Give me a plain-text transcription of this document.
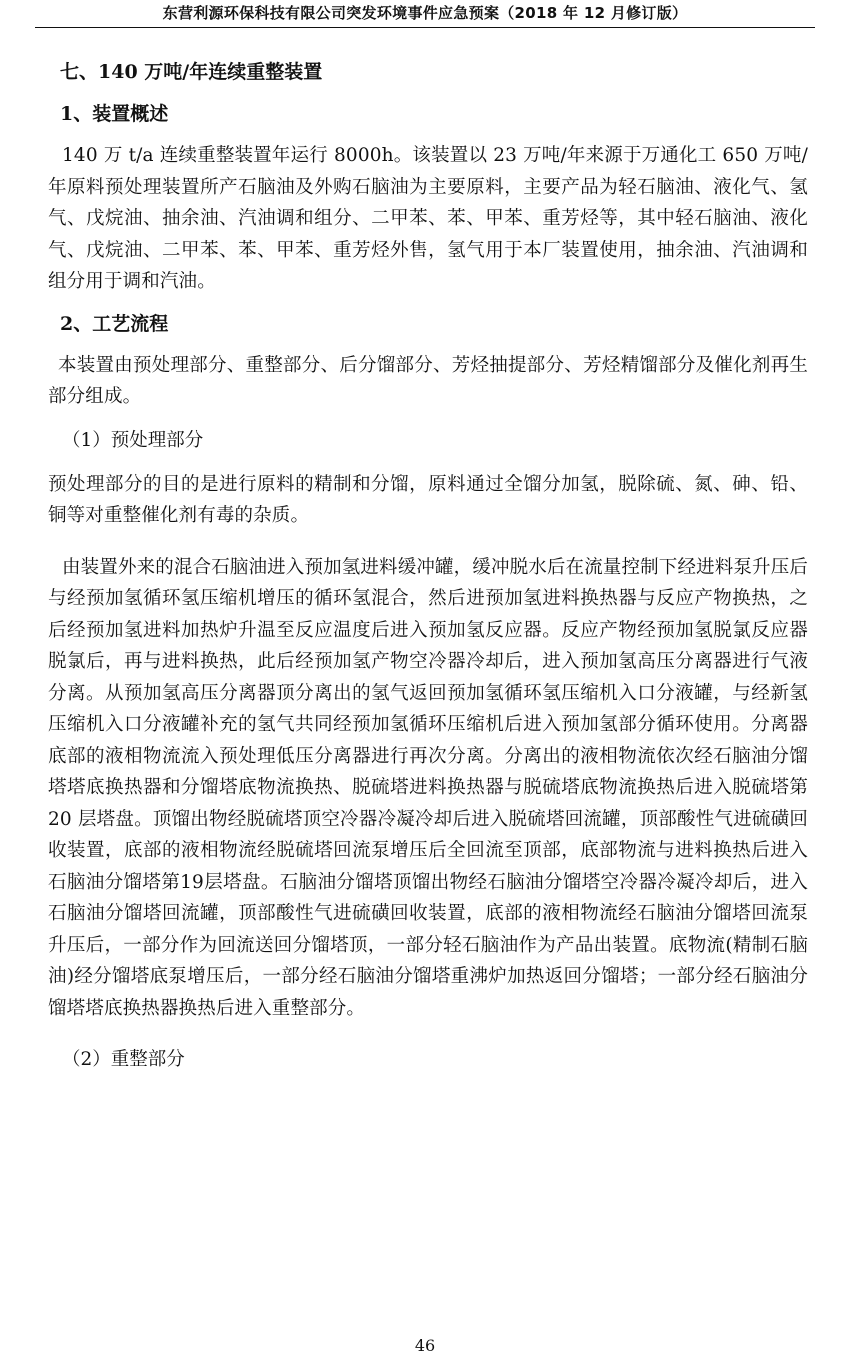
东营利源环保科技有限公司突发环境事件应急预案（2018 年 12 月修订版）
七、140 万吨/年连续重整装置
1、装置概述

140 万 t/a 连续重整装置年运行 8000h。该装置以 23 万吨/年来源于万通化工 650 万吨/年原料预处理装置所产石脑油及外购石脑油为主要原料，主要产品为轻石脑油、液化气、氢气、戊烷油、抽余油、汽油调和组分、二甲苯、苯、甲苯、重芳烃等，其中轻石脑油、液化气、戊烷油、二甲苯、苯、甲苯、重芳烃外售，氢气用于本厂装置使用，抽余油、汽油调和组分用于调和汽油。

2、工艺流程

本装置由预处理部分、重整部分、后分馏部分、芳烃抽提部分、芳烃精馏部分及催化剂再生部分组成。

（1）预处理部分

预处理部分的目的是进行原料的精制和分馏，原料通过全馏分加氢，脱除硫、氮、砷、铅、铜等对重整催化剂有毒的杂质。

由装置外来的混合石脑油进入预加氢进料缓冲罐，缓冲脱水后在流量控制下经进料泵升压后与经预加氢循环氢压缩机增压的循环氢混合，然后进预加氢进料换热器与反应产物换热，之后经预加氢进料加热炉升温至反应温度后进入预加氢反应器。反应产物经预加氢脱氯反应器脱氯后，再与进料换热，此后经预加氢产物空冷器冷却后，进入预加氢高压分离器进行气液分离。从预加氢高压分离器顶分离出的氢气返回预加氢循环氢压缩机入口分液罐，与经新氢压缩机入口分液罐补充的氢气共同经预加氢循环压缩机后进入预加氢部分循环使用。分离器底部的液相物流流入预处理低压分离器进行再次分离。分离出的液相物流依次经石脑油分馏塔塔底换热器和分馏塔底物流换热、脱硫塔进料换热器与脱硫塔底物流换热后进入脱硫塔第 20 层塔盘。顶馏出物经脱硫塔顶空冷器冷凝冷却后进入脱硫塔回流罐，顶部酸性气进硫磺回收装置，底部的液相物流经脱硫塔回流泵增压后全回流至顶部，底部物流与进料换热后进入石脑油分馏塔第19层塔盘。石脑油分馏塔顶馏出物经石脑油分馏塔空冷器冷凝冷却后，进入石脑油分馏塔回流罐，顶部酸性气进硫磺回收装置，底部的液相物流经石脑油分馏塔回流泵升压后，一部分作为回流送回分馏塔顶，一部分轻石脑油作为产品出装置。底物流(精制石脑油)经分馏塔底泵增压后，一部分经石脑油分馏塔重沸炉加热返回分馏塔；一部分经石脑油分馏塔塔底换热器换热后进入重整部分。

（2）重整部分

46
